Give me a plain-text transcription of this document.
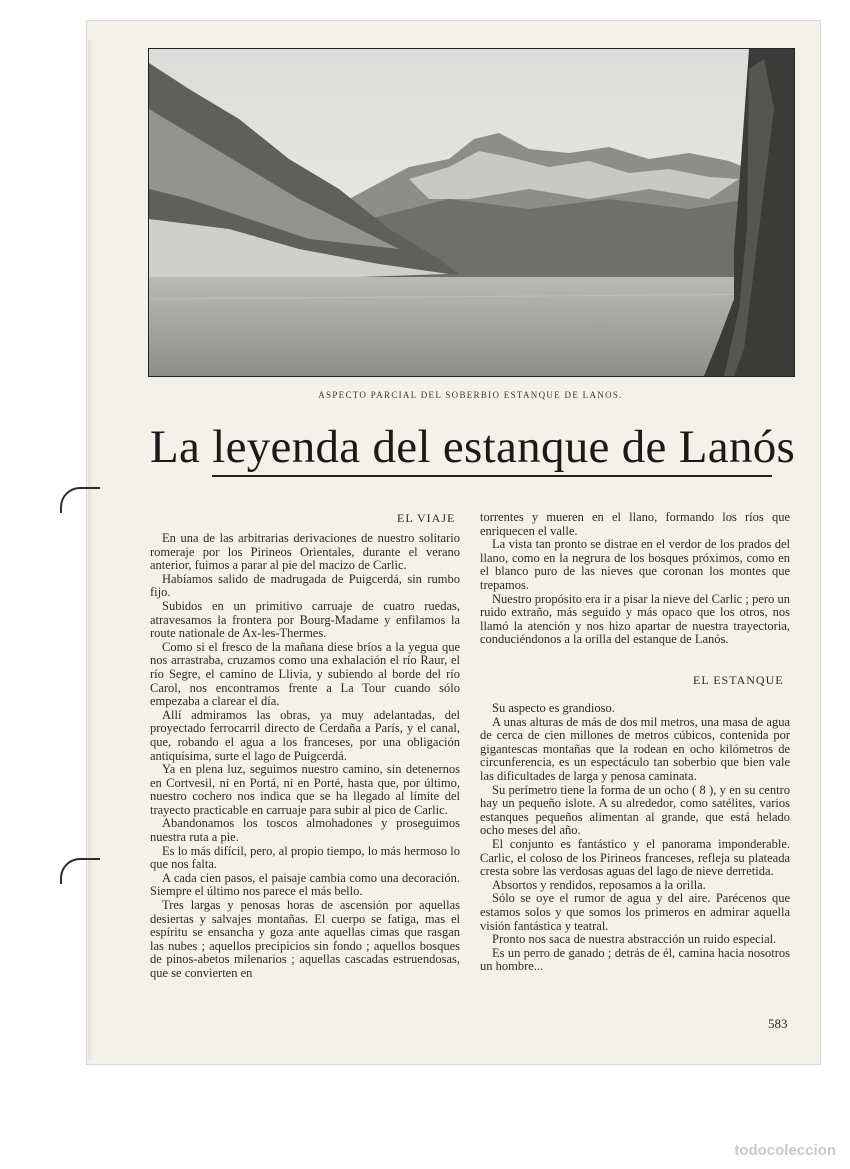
ASPECTO PARCIAL DEL SOBERBIO ESTANQUE DE LANOS.
La leyenda del estanque de Lanós
EL VIAJE

En una de las arbitrarias derivaciones de nuestro solitario romeraje por los Pirineos Orientales, durante el verano anterior, fuimos a parar al pie del macizo de Carlic.

Habíamos salido de madrugada de Puigcerdá, sin rumbo fijo.

Subidos en un primitivo carruaje de cuatro ruedas, atravesamos la frontera por Bourg-Madame y enfilamos la route nationale de Ax-les-Thermes.

Como si el fresco de la mañana diese bríos a la yegua que nos arrastraba, cruzamos como una exhalación el río Raur, el río Segre, el camino de Llivia, y subiendo al borde del río Carol, nos encontramos frente a La Tour cuando sólo empezaba a clarear el día.

Allí admiramos las obras, ya muy adelantadas, del proyectado ferrocarril directo de Cerdaña a París, y el canal, que, robando el agua a los franceses, por una obligación antiquísima, surte el lago de Puigcerdá.

Ya en plena luz, seguimos nuestro camino, sin detenernos en Cortvesil, ni en Portá, ni en Porté, hasta que, por último, nuestro cochero nos indica que se ha llegado al límite del trayecto practicable en carruaje para subir al pico de Carlic.

Abandonamos los toscos almohadones y proseguimos nuestra ruta a pie.

Es lo más difícil, pero, al propio tiempo, lo más hermoso lo que nos falta.

A cada cien pasos, el paisaje cambia como una decoración. Siempre el último nos parece el más bello.

Tres largas y penosas horas de ascensión por aquellas desiertas y salvajes montañas. El cuerpo se fatiga, mas el espíritu se ensancha y goza ante aquellas cimas que rasgan las nubes ; aquellos precipicios sin fondo ; aquellos bosques de pinos-abetos milenarios ; aquellas cascadas estruendosas, que se convierten en

torrentes y mueren en el llano, formando los ríos que enriquecen el valle.

La vista tan pronto se distrae en el verdor de los prados del llano, como en la negrura de los bosques próximos, como en el blanco puro de las nieves que coronan los montes que trepamos.

Nuestro propósito era ir a pisar la nieve del Carlic ; pero un ruido extraño, más seguido y más opaco que los otros, nos llamó la atención y nos hizo apartar de nuestra trayectoria, conduciéndonos a la orilla del estanque de Lanós.

EL ESTANQUE

Su aspecto es grandioso.

A unas alturas de más de dos mil metros, una masa de agua de cerca de cien millones de metros cúbicos, contenida por gigantescas montañas que la rodean en ocho kilómetros de circunferencia, es un espectáculo tan soberbio que bien vale las dificultades de larga y penosa caminata.

Su perímetro tiene la forma de un ocho ( 8 ), y en su centro hay un pequeño islote. A su alrededor, como satélites, varios estanques pequeños alimentan al grande, que está helado ocho meses del año.

El conjunto es fantástico y el panorama imponderable. Carlic, el coloso de los Pirineos franceses, refleja su plateada cresta sobre las verdosas aguas del lago de nieve derretida.

Absortos y rendidos, reposamos a la orilla.

Sólo se oye el rumor de agua y del aire. Parécenos que estamos solos y que somos los primeros en admirar aquella visión fantástica y teatral.

Pronto nos saca de nuestra abstracción un ruido especial.

Es un perro de ganado ; detrás de él, camina hacia nosotros un hombre...

583
todocoleccion
